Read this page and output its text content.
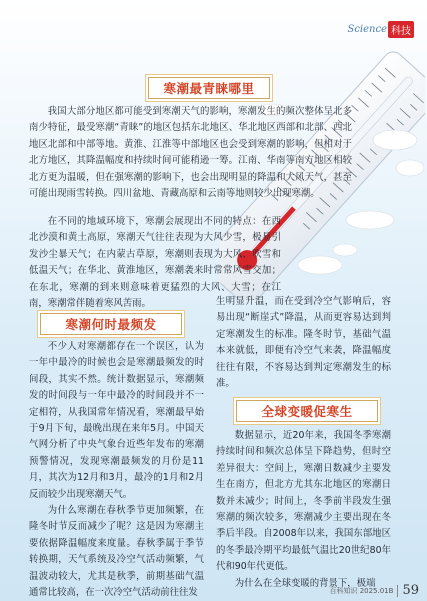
Science 科技
寒潮最青睐哪里

我国大部分地区都可能受到寒潮天气的影响，寒潮发生的频次整体呈北多南少特征，最受寒潮“青睐”的地区包括东北地区、华北地区西部和北部、西北地区北部和中部等地。黄淮、江淮等中部地区也会受到寒潮的影响，但相对于北方地区，其降温幅度和持续时间可能稍逊一筹。江南、华南等南方地区相较北方更为温暖，但在强寒潮的影响下，也会出现明显的降温和大风天气，甚至可能出现雨雪转换。四川盆地、青藏高原和云南等地则较少出现寒潮。

在不同的地域环境下，寒潮会展现出不同的特点：在西北沙漠和黄土高原，寒潮天气往往表现为大风少雪，极易引发沙尘暴天气；在内蒙古草原，寒潮则表现为大风、吹雪和低温天气；在华北、黄淮地区，寒潮袭来时常常风雪交加；在东北，寒潮的到来则意味着更猛烈的大风、大雪；在江南，寒潮常伴随着寒风苦雨。

寒潮何时最频发

不少人对寒潮都存在一个误区，认为一年中最冷的时候也会是寒潮最频发的时间段，其实不然。统计数据显示，寒潮频发的时间段与一年中最冷的时间段并不一定相符，从我国常年情况看，寒潮最早始于9月下旬，最晚出现在来年5月。中国天气网分析了中央气象台近些年发布的寒潮预警情况，发现寒潮最频发的月份是11月，其次为12月和3月，最冷的1月和2月反而较少出现寒潮天气。

为什么寒潮在春秋季节更加频繁，在隆冬时节反而减少了呢？这是因为寒潮主要依据降温幅度来度量。春秋季属于季节转换期，天气系统及冷空气活动频繁，气温波动较大，尤其是秋季，前期基础气温通常比较高，在一次冷空气活动前往往发

生明显升温，而在受到冷空气影响后，容易出现“断崖式”降温，从而更容易达到判定寒潮发生的标准。隆冬时节，基础气温本来就低，即便有冷空气来袭，降温幅度往往有限，不容易达到判定寒潮发生的标准。

全球变暖促寒生

数据显示，近20年来，我国冬季寒潮持续时间和频次总体呈下降趋势，但时空差异很大：空间上，寒潮日数减少主要发生在南方，但北方尤其东北地区的寒潮日数并未减少；时间上，冬季前半段发生强寒潮的频次较多，寒潮减少主要出现在冬季后半段。自2008年以来，我国东部地区的冬季最冷期平均最低气温比20世纪80年代和90年代更低。

为什么在全球变暖的背景下，极端

百科知识 2025.01B 59
